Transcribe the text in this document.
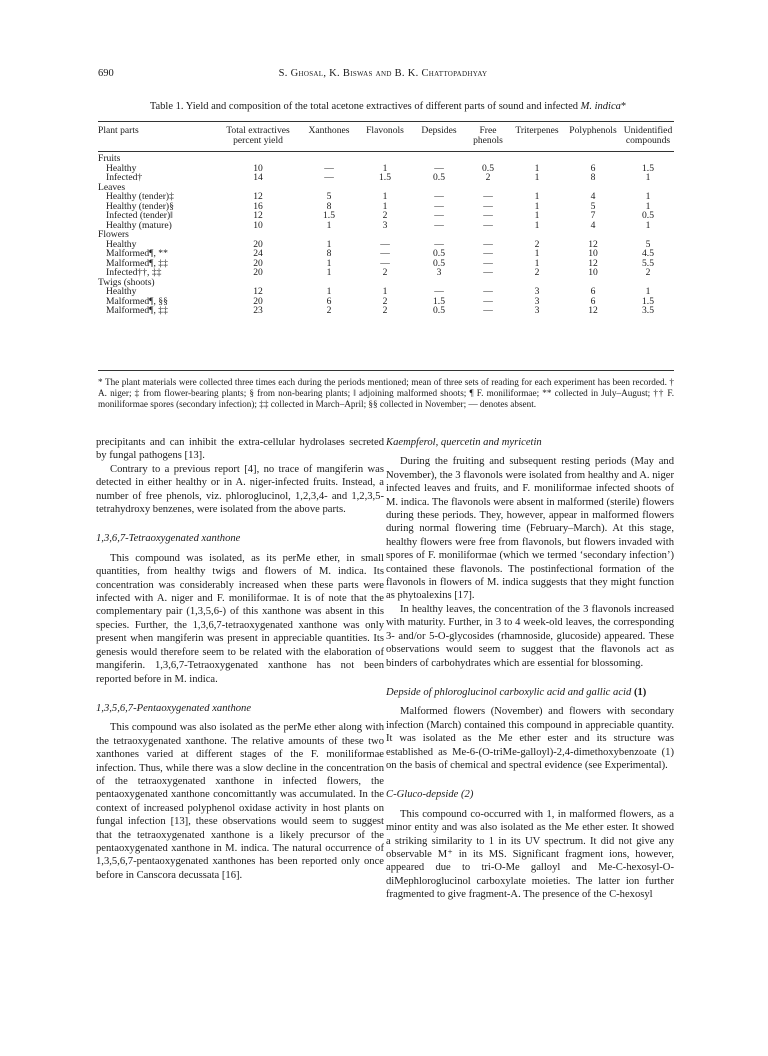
690	S. Ghosal, K. Biswas and B. K. Chattopadhyay
Table 1. Yield and composition of the total acetone extractives of different parts of sound and infected M. indica*
Plant parts	Total extractives percent yield	Xanthones	Flavonols	Depsides	Free phenols	Triterpenes	Polyphenols	Unidentified compounds
Fruits								
Healthy	10	—	1	—	0.5	1	6	1.5
Infected†	14	—	1.5	0.5	2	1	8	1
Leaves								
Healthy (tender)‡	12	5	1	—	—	1	4	1
Healthy (tender)§	16	8	1	—	—	1	5	1
Infected (tender)‖	12	1.5	2	—	—	1	7	0.5
Healthy (mature)	10	1	3	—	—	1	4	1
Flowers								
Healthy	20	1	—	—	—	2	12	5
Malformed¶, **	24	8	—	0.5	—	1	10	4.5
Malformed¶, ‡‡	20	1	—	0.5	—	1	12	5.5
Infected††, ‡‡	20	1	2	3	—	2	10	2
Twigs (shoots)								
Healthy	12	1	1	—	—	3	6	1
Malformed¶, §§	20	6	2	1.5	—	3	6	1.5
Malformed¶, ‡‡	23	2	2	0.5	—	3	12	3.5
* The plant materials were collected three times each during the periods mentioned; mean of three sets of reading for each experiment has been recorded. † A. niger; ‡ from flower-bearing plants; § from non-bearing plants; ‖ adjoining malformed shoots; ¶ F. moniliformae; ** collected in July–August; †† F. moniliformae spores (secondary infection); ‡‡ collected in March–April; §§ collected in November; — denotes absent.

precipitants and can inhibit the extra-cellular hydrolases secreted by fungal pathogens [13].

Contrary to a previous report [4], no trace of mangiferin was detected in either healthy or in A. niger-infected fruits. Instead, a number of free phenols, viz. phloroglucinol, 1,2,3,4- and 1,2,3,5-tetrahydroxy benzenes, were isolated from the above parts.

1,3,6,7-Tetraoxygenated xanthone

This compound was isolated, as its perMe ether, in small quantities, from healthy twigs and flowers of M. indica. Its concentration was considerably increased when these parts were infected with A. niger and F. moniliformae. It is of note that the complementary pair (1,3,5,6-) of this xanthone was absent in this species. Further, the 1,3,6,7-tetraoxygenated xanthone was only present when mangiferin was present in appreciable quantities. Its genesis would therefore seem to be related with the elaboration of mangiferin. 1,3,6,7-Tetraoxygenated xanthone has not been reported before in M. indica.

1,3,5,6,7-Pentaoxygenated xanthone

This compound was also isolated as the perMe ether along with the tetraoxygenated xanthone. The relative amounts of these two xanthones varied at different stages of the F. moniliformae infection. Thus, while there was a slow decline in the concentration of the tetraoxygenated xanthone in infected flowers, the pentaoxygenated xanthone concomittantly was accumulated. In the context of increased polyphenol oxidase activity in host plants on fungal infection [13], these observations would seem to suggest that the tetraoxygenated xanthone is a likely precursor of the pentaoxygenated xanthone in M. indica. The natural occurrence of 1,3,5,6,7-pentaoxygenated xanthones has been reported only once before in Canscora decussata [16].

Kaempferol, quercetin and myricetin

During the fruiting and subsequent resting periods (May and November), the 3 flavonols were isolated from healthy and A. niger infected leaves and fruits, and F. moniliformae infected shoots of M. indica. The flavonols were absent in malformed (sterile) flowers during these periods. They, however, appear in malformed flowers during normal flowering time (February–March). At this stage, healthy flowers were free from flavonols, but flowers invaded with spores of F. moniliformae (which we termed ‘secondary infection’) contained these flavonols. The postinfectional formation of the flavonols in flowers of M. indica suggests that they might function as phytoalexins [17].

In healthy leaves, the concentration of the 3 flavonols increased with maturity. Further, in 3 to 4 week-old leaves, the corresponding 3- and/or 5-O-glycosides (rhamnoside, glucoside) appeared. These observations would seem to suggest that the flavonols act as binders of carbohydrates which are essential for blossoming.

Depside of phloroglucinol carboxylic acid and gallic acid (1)

Malformed flowers (November) and flowers with secondary infection (March) contained this compound in appreciable quantity. It was isolated as the Me ether ester and its structure was established as Me-6-(O-triMe-galloyl)-2,4-dimethoxybenzoate (1) on the basis of chemical and spectral evidence (see Experimental).

C-Gluco-depside (2)

This compound co-occurred with 1, in malformed flowers, as a minor entity and was also isolated as the Me ether ester. It showed a striking similarity to 1 in its UV spectrum. It did not give any observable M⁺ in its MS. Significant fragment ions, however, appeared due to tri-O-Me galloyl and Me-C-hexosyl-O-diMephloroglucinol carboxylate moieties. The latter ion further fragmented to give fragment-A. The presence of the C-hexosyl
